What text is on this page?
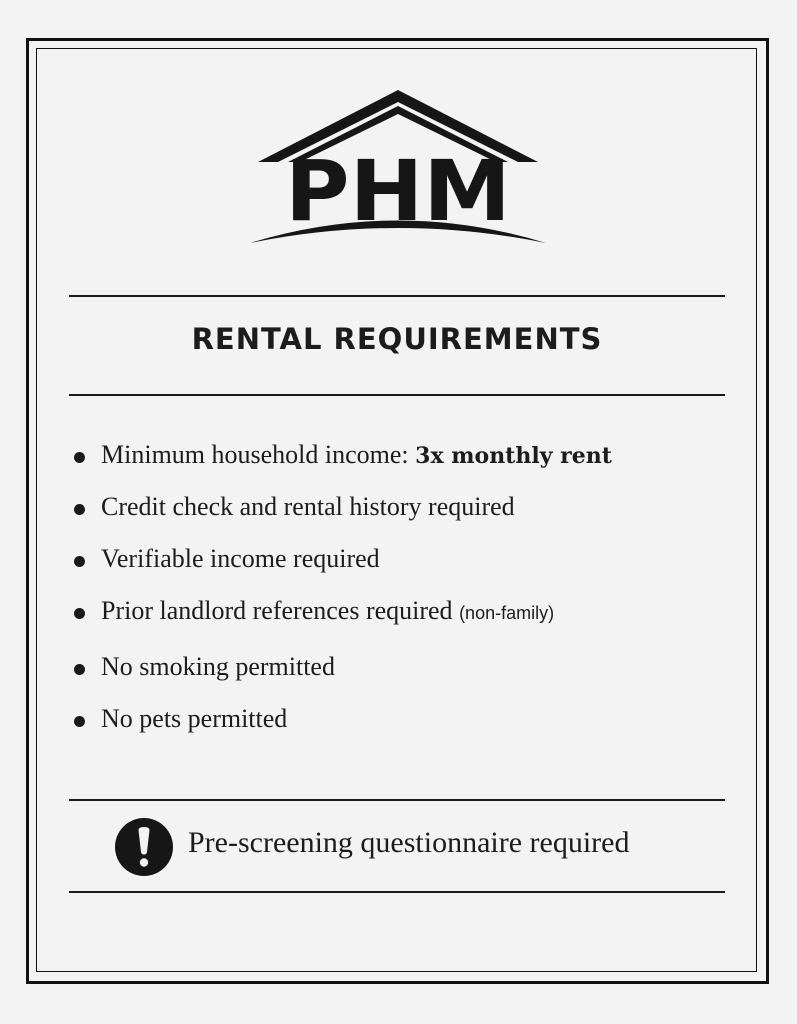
PHM
RENTAL REQUIREMENTS
Minimum household income: 3x monthly rent
Credit check and rental history required
Verifiable income required
Prior landlord references required (non-family)
No smoking permitted
No pets permitted
Pre-screening questionnaire required
